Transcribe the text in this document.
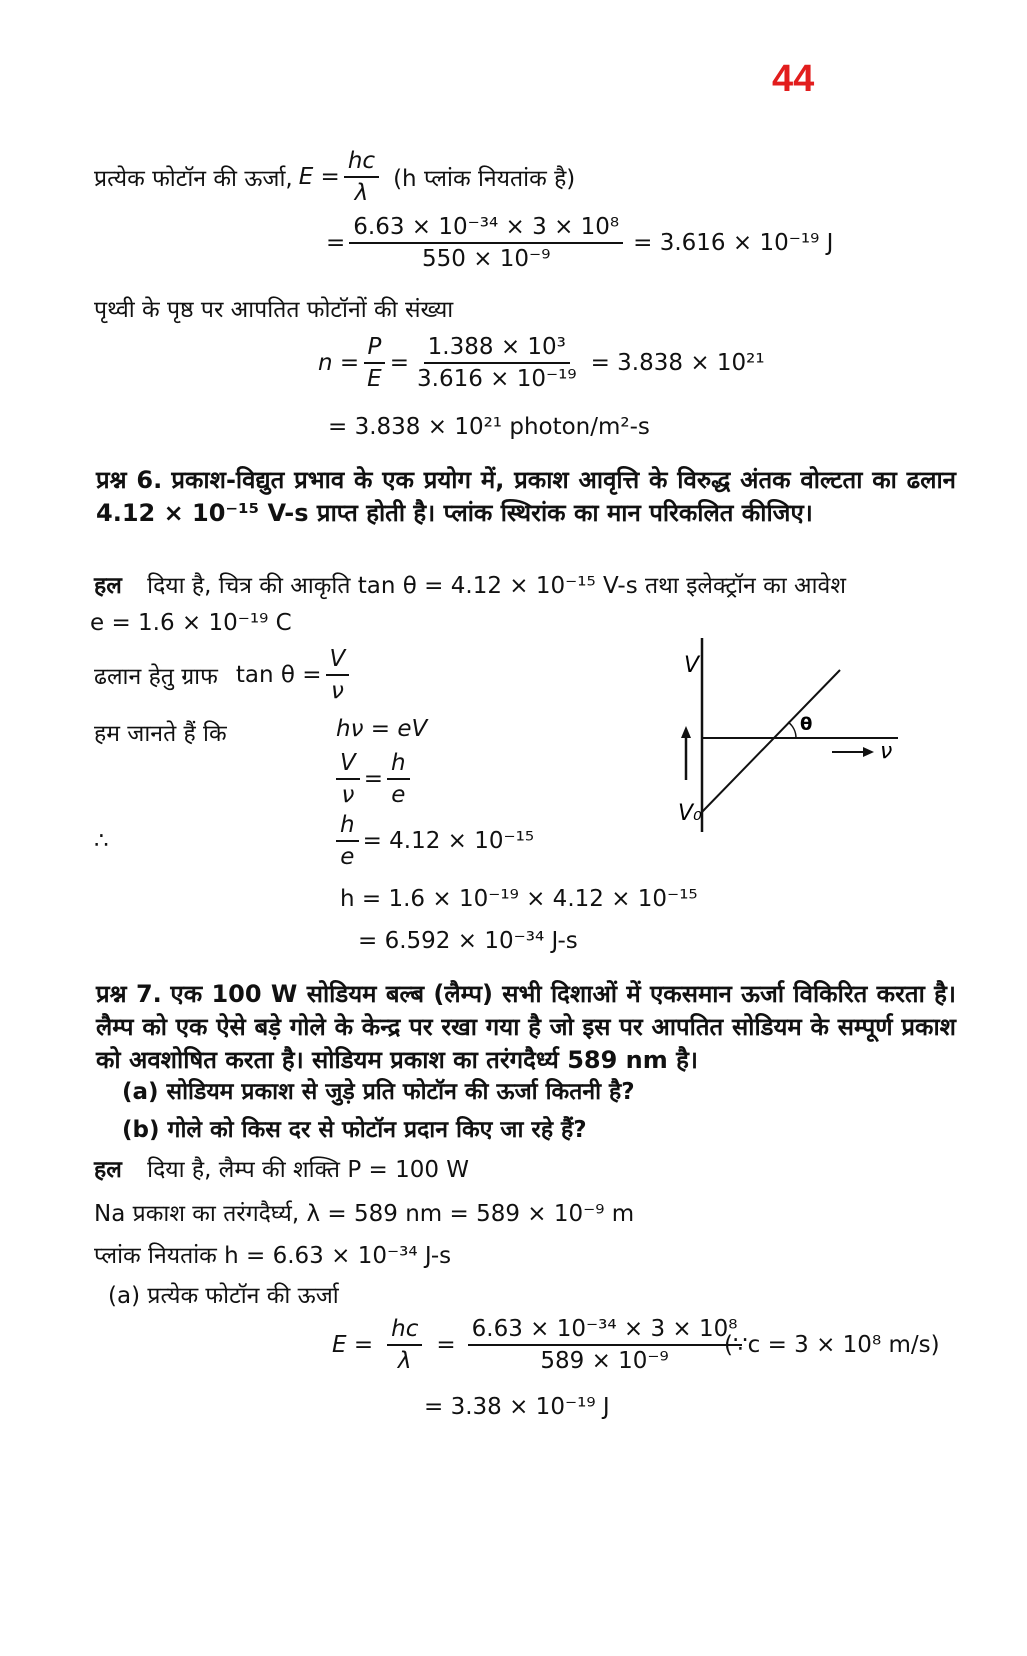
44
प्रत्येक फोटॉन की ऊर्जा, $E = \frac{hc}{\lambda} (h$ प्लांक नियतांक है)
= $\frac{\text{6.63 × 10⁻³⁴ × 3 × 10⁸}}{\text{550 × 10⁻⁹}} = 3.616 \times 10^{-19}$ J
पृथ्वी के पृष्ठ पर आपतित फोटॉनों की संख्या
$n = \frac{P}{E} = \frac{\text{1.388 × 10³}}{\text{3.616 × 10⁻¹⁹}} = 3.838 \times 10^{21}$
= 3.838 × 10²¹ photon/m²-s
प्रश्न 6. प्रकाश-विद्युत प्रभाव के एक प्रयोग में, प्रकाश आवृत्ति के विरुद्ध अंतक वोल्टता का ढलान 4.12 × 10⁻¹⁵ V-s प्राप्त होती है। प्लांक स्थिरांक का मान परिकलित कीजिए।
हल दिया है, चित्र की आकृति tan θ = 4.12 × 10⁻¹⁵ V-s तथा इलेक्ट्रॉन का आवेश
e = 1.6 × 10⁻¹⁹ C
ढलान हेतु ग्राफ $\tan \theta = \frac{V}{\nu}$
हम जानते हैं कि	hν = eV
$\frac{V}{\nu} = \frac{h}{e}$
∴	$\frac{h}{e} = 4.12 \times 10^{-15}$
h = 1.6 × 10⁻¹⁹ × 4.12 × 10⁻¹⁵
= 6.592 × 10⁻³⁴ J-s
V
ν
V₀
θ
प्रश्न 7. एक 100 W सोडियम बल्ब (लैम्प) सभी दिशाओं में एकसमान ऊर्जा विकिरित करता है। लैम्प को एक ऐसे बड़े गोले के केन्द्र पर रखा गया है जो इस पर आपतित सोडियम के सम्पूर्ण प्रकाश को अवशोषित करता है। सोडियम प्रकाश का तरंगदैर्ध्य 589 nm है।
(a) सोडियम प्रकाश से जुड़े प्रति फोटॉन की ऊर्जा कितनी है?
(b) गोले को किस दर से फोटॉन प्रदान किए जा रहे हैं?
हल दिया है, लैम्प की शक्ति P = 100 W
Na प्रकाश का तरंगदैर्घ्य, λ = 589 nm = 589 × 10⁻⁹ m
प्लांक नियतांक h = 6.63 × 10⁻³⁴ J-s
(a) प्रत्येक फोटॉन की ऊर्जा
$E = \frac{hc}{\lambda} = \frac{\text{6.63 × 10⁻³⁴ × 3 × 10⁸}}{\text{589 × 10⁻⁹}}$
(∵c = 3 × 10⁸ m/s)
= 3.38 × 10⁻¹⁹ J
